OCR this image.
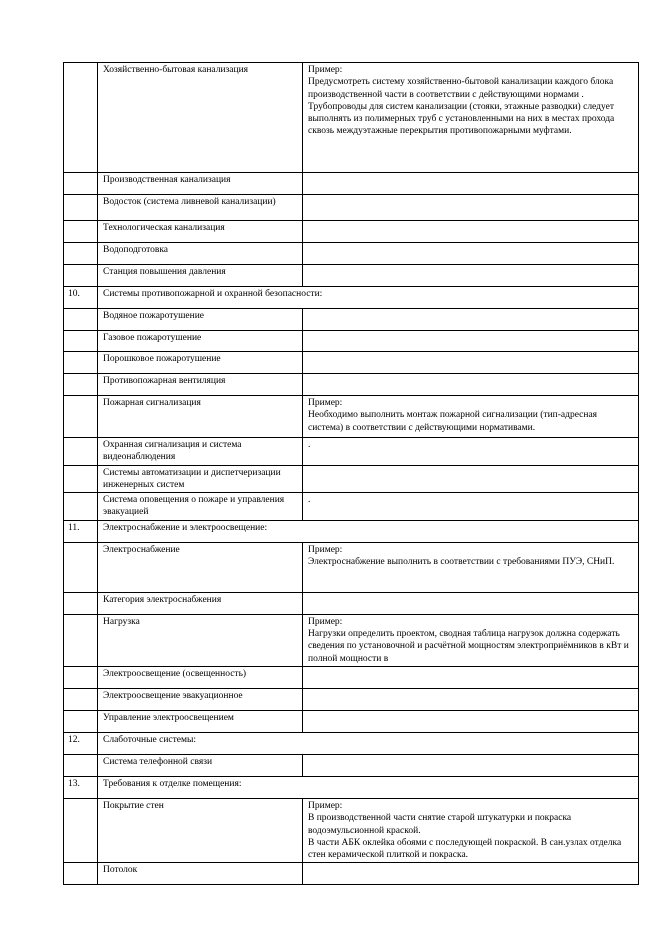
	Хозяйственно-бытовая канализация	Пример:
Предусмотреть систему хозяйственно-бытовой канализации каждого блока производственной части в соответствии с действующими нормами .
Трубопроводы для систем канализации (стояки, этажные разводки) следует выполнять из полимерных труб с установленными на них в местах прохода сквозь междуэтажные перекрытия противопожарными муфтами.

	Производственная канализация	
	Водосток (система ливневой канализации)	
	Технологическая канализация	
	Водоподготовка	
	Станция повышения давления	
10.	Системы противопожарной и охранной безопасности:	
	Водяное пожаротушение	
	Газовое пожаротушение	
	Порошковое пожаротушение	
	Противопожарная вентиляция	
	Пожарная сигнализация	Пример:
Необходимо выполнить монтаж пожарной сигнализации (тип-адресная система) в соответствии с действующими нормативами.

	Охранная сигнализация и система видеонаблюдения	.

	Системы автоматизации и диспетчеризации инженерных систем	
	Система оповещения о пожаре и управления эвакуацией	.

11.	Электроснабжение и электроосвещение:	
	Электроснабжение	Пример:
Электроснабжение выполнить в соответствии с требованиями ПУЭ, СНиП.

	Категория электроснабжения	
	Нагрузка	Пример:
Нагрузки определить проектом, сводная таблица нагрузок должна содержать сведения по установочной и расчётной мощностям электроприёмников в кВт и полной мощности в

	Электроосвещение (освещенность)	
	Электроосвещение эвакуационное	
	Управление электроосвещением	
12.	Слаботочные системы:	
	Система телефонной связи	
13.	Требования к отделке помещения:	
	Покрытие стен	Пример:
В производственной части снятие старой штукатурки и покраска водоэмульсионной краской.
В части АБК оклейка обоями с последующей покраской. В сан.узлах отделка стен керамической плиткой и покраска.

	Потолок	
